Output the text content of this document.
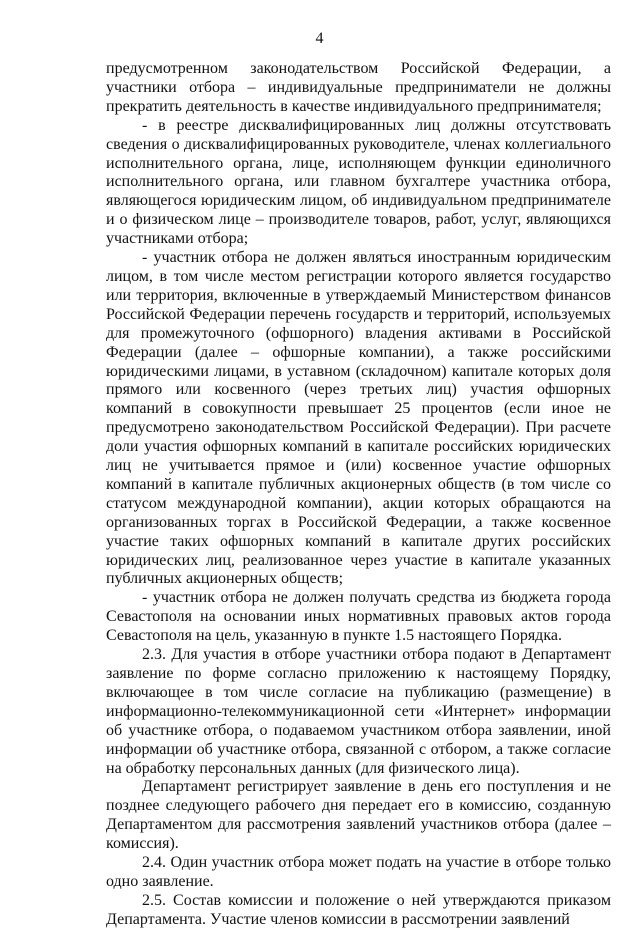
4

предусмотренном законодательством Российской Федерации, а участники отбора – индивидуальные предприниматели не должны прекратить деятельность в качестве индивидуального предпринимателя;

- в реестре дисквалифицированных лиц должны отсутствовать сведения о дисквалифицированных руководителе, членах коллегиального исполнительного органа, лице, исполняющем функции единоличного исполнительного органа, или главном бухгалтере участника отбора, являющегося юридическим лицом, об индивидуальном предпринимателе и о физическом лице – производителе товаров, работ, услуг, являющихся участниками отбора;

- участник отбора не должен являться иностранным юридическим лицом, в том числе местом регистрации которого является государство или территория, включенные в утверждаемый Министерством финансов Российской Федерации перечень государств и территорий, используемых для промежуточного (офшорного) владения активами в Российской Федерации (далее – офшорные компании), а также российскими юридическими лицами, в уставном (складочном) капитале которых доля прямого или косвенного (через третьих лиц) участия офшорных компаний в совокупности превышает 25 процентов (если иное не предусмотрено законодательством Российской Федерации). При расчете доли участия офшорных компаний в капитале российских юридических лиц не учитывается прямое и (или) косвенное участие офшорных компаний в капитале публичных акционерных обществ (в том числе со статусом международной компании), акции которых обращаются на организованных торгах в Российской Федерации, а также косвенное участие таких офшорных компаний в капитале других российских юридических лиц, реализованное через участие в капитале указанных публичных акционерных обществ;

- участник отбора не должен получать средства из бюджета города Севастополя на основании иных нормативных правовых актов города Севастополя на цель, указанную в пункте 1.5 настоящего Порядка.

2.3. Для участия в отборе участники отбора подают в Департамент заявление по форме согласно приложению к настоящему Порядку, включающее в том числе согласие на публикацию (размещение) в информационно-телекоммуникационной сети «Интернет» информации об участнике отбора, о подаваемом участником отбора заявлении, иной информации об участнике отбора, связанной с отбором, а также согласие на обработку персональных данных (для физического лица).

Департамент регистрирует заявление в день его поступления и не позднее следующего рабочего дня передает его в комиссию, созданную Департаментом для рассмотрения заявлений участников отбора (далее – комиссия).

2.4. Один участник отбора может подать на участие в отборе только одно заявление.

2.5. Состав комиссии и положение о ней утверждаются приказом Департамента. Участие членов комиссии в рассмотрении заявлений
